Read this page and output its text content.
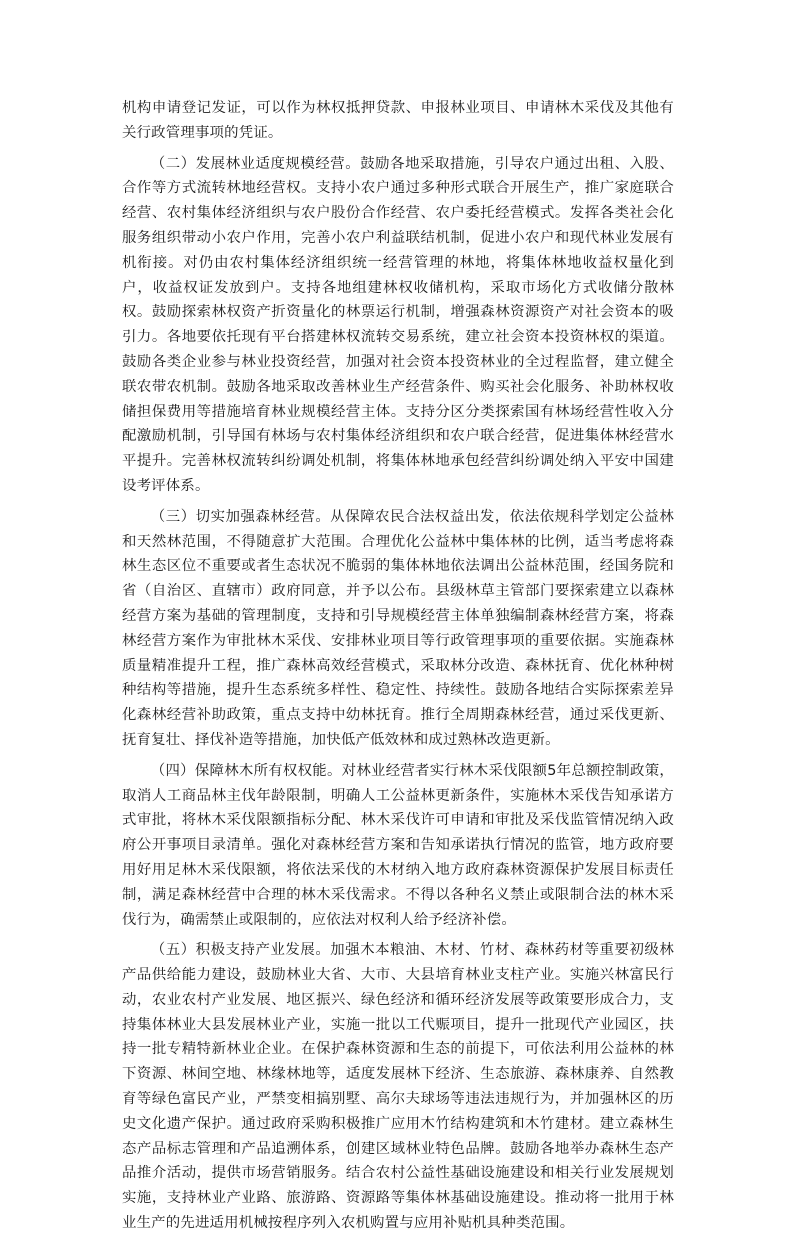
机构申请登记发证，可以作为林权抵押贷款、申报林业项目、申请林木采伐及其他有关行政管理事项的凭证。

（二）发展林业适度规模经营。鼓励各地采取措施，引导农户通过出租、入股、合作等方式流转林地经营权。支持小农户通过多种形式联合开展生产，推广家庭联合经营、农村集体经济组织与农户股份合作经营、农户委托经营模式。发挥各类社会化服务组织带动小农户作用，完善小农户利益联结机制，促进小农户和现代林业发展有机衔接。对仍由农村集体经济组织统一经营管理的林地，将集体林地收益权量化到户，收益权证发放到户。支持各地组建林权收储机构，采取市场化方式收储分散林权。鼓励探索林权资产折资量化的林票运行机制，增强森林资源资产对社会资本的吸引力。各地要依托现有平台搭建林权流转交易系统，建立社会资本投资林权的渠道。鼓励各类企业参与林业投资经营，加强对社会资本投资林业的全过程监督，建立健全联农带农机制。鼓励各地采取改善林业生产经营条件、购买社会化服务、补助林权收储担保费用等措施培育林业规模经营主体。支持分区分类探索国有林场经营性收入分配激励机制，引导国有林场与农村集体经济组织和农户联合经营，促进集体林经营水平提升。完善林权流转纠纷调处机制，将集体林地承包经营纠纷调处纳入平安中国建设考评体系。

（三）切实加强森林经营。从保障农民合法权益出发，依法依规科学划定公益林和天然林范围，不得随意扩大范围。合理优化公益林中集体林的比例，适当考虑将森林生态区位不重要或者生态状况不脆弱的集体林地依法调出公益林范围，经国务院和省（自治区、直辖市）政府同意，并予以公布。县级林草主管部门要探索建立以森林经营方案为基础的管理制度，支持和引导规模经营主体单独编制森林经营方案，将森林经营方案作为审批林木采伐、安排林业项目等行政管理事项的重要依据。实施森林质量精准提升工程，推广森林高效经营模式，采取林分改造、森林抚育、优化林种树种结构等措施，提升生态系统多样性、稳定性、持续性。鼓励各地结合实际探索差异化森林经营补助政策，重点支持中幼林抚育。推行全周期森林经营，通过采伐更新、抚育复壮、择伐补造等措施，加快低产低效林和成过熟林改造更新。

（四）保障林木所有权权能。对林业经营者实行林木采伐限额5年总额控制政策，取消人工商品林主伐年龄限制，明确人工公益林更新条件，实施林木采伐告知承诺方式审批，将林木采伐限额指标分配、林木采伐许可申请和审批及采伐监管情况纳入政府公开事项目录清单。强化对森林经营方案和告知承诺执行情况的监管，地方政府要用好用足林木采伐限额，将依法采伐的木材纳入地方政府森林资源保护发展目标责任制，满足森林经营中合理的林木采伐需求。不得以各种名义禁止或限制合法的林木采伐行为，确需禁止或限制的，应依法对权利人给予经济补偿。

（五）积极支持产业发展。加强木本粮油、木材、竹材、森林药材等重要初级林产品供给能力建设，鼓励林业大省、大市、大县培育林业支柱产业。实施兴林富民行动，农业农村产业发展、地区振兴、绿色经济和循环经济发展等政策要形成合力，支持集体林业大县发展林业产业，实施一批以工代赈项目，提升一批现代产业园区，扶持一批专精特新林业企业。在保护森林资源和生态的前提下，可依法利用公益林的林下资源、林间空地、林缘林地等，适度发展林下经济、生态旅游、森林康养、自然教育等绿色富民产业，严禁变相搞别墅、高尔夫球场等违法违规行为，并加强林区的历史文化遗产保护。通过政府采购积极推广应用木竹结构建筑和木竹建材。建立森林生态产品标志管理和产品追溯体系，创建区域林业特色品牌。鼓励各地举办森林生态产品推介活动，提供市场营销服务。结合农村公益性基础设施建设和相关行业发展规划实施，支持林业产业路、旅游路、资源路等集体林基础设施建设。推动将一批用于林业生产的先进适用机械按程序列入农机购置与应用补贴机具种类范围。
